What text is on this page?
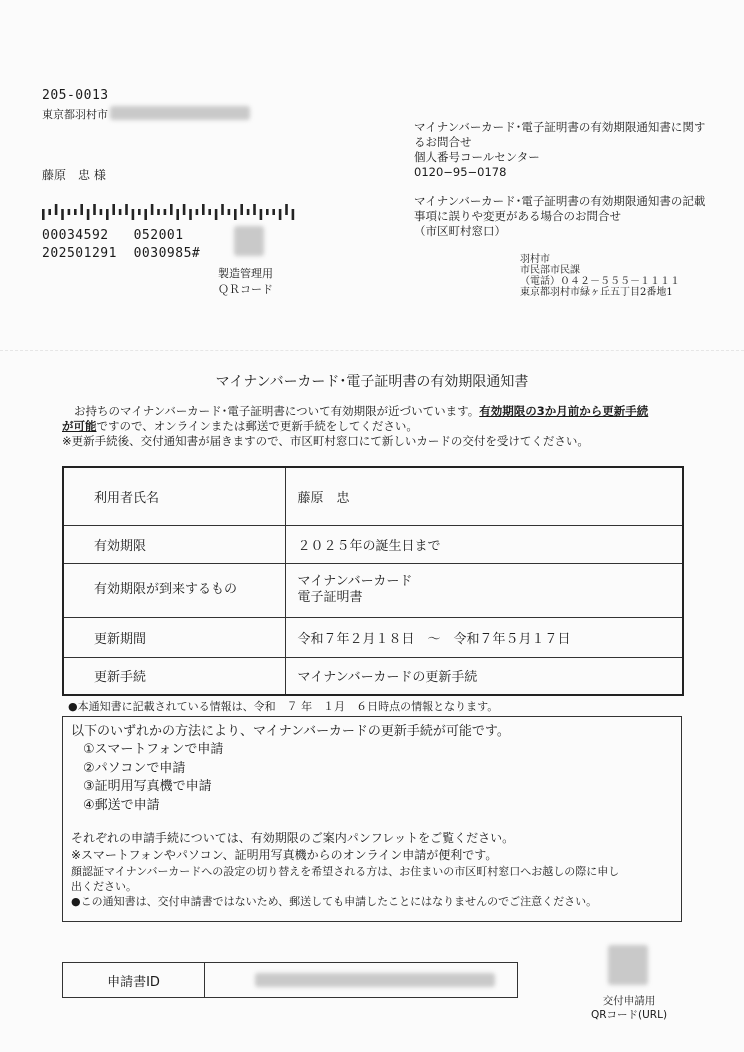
205-0013
東京都羽村市
藤原　忠 様
00034592 052001
202501291 0030985#
製造管理用
ＱＲコード
マイナンバーカード･電子証明書の有効期限通知書に関す
るお問合せ
個人番号コールセンター
0120−95−0178
マイナンバーカード･電子証明書の有効期限通知書の記載
事項に誤りや変更がある場合のお問合せ
（市区町村窓口）
羽村市
市民部市民課
（電話）０４２－５５５－１１１１
東京都羽村市緑ヶ丘五丁目2番地1
マイナンバーカード･電子証明書の有効期限通知書
お持ちのマイナンバーカード･電子証明書について有効期限が近づいています。有効期限の3か月前から更新手続
が可能ですので、オンラインまたは郵送で更新手続をしてください。
※更新手続後、交付通知書が届きますので、市区町村窓口にて新しいカードの交付を受けてください。
利用者氏名	藤原　忠
有効期限	２０２５年の誕生日まで
有効期限が到来するもの	マイナンバーカード
電子証明書

更新期間	令和７年２月１８日　～　令和７年５月１７日
更新手続	マイナンバーカードの更新手続
●本通知書に記載されている情報は、令和　７ 年　１月　６日時点の情報となります。
以下のいずれかの方法により、マイナンバーカードの更新手続が可能です。
①スマートフォンで申請
②パソコンで申請
③証明用写真機で申請
④郵送で申請
それぞれの申請手続については、有効期限のご案内パンフレットをご覧ください。
※スマートフォンやパソコン、証明用写真機からのオンライン申請が便利です。
顔認証マイナンバーカードへの設定の切り替えを希望される方は、お住まいの市区町村窓口へお越しの際に申し
出ください。
●この通知書は、交付申請書ではないため、郵送しても申請したことにはなりませんのでご注意ください。
申請書ID
交付申請用
QRコード(URL)
